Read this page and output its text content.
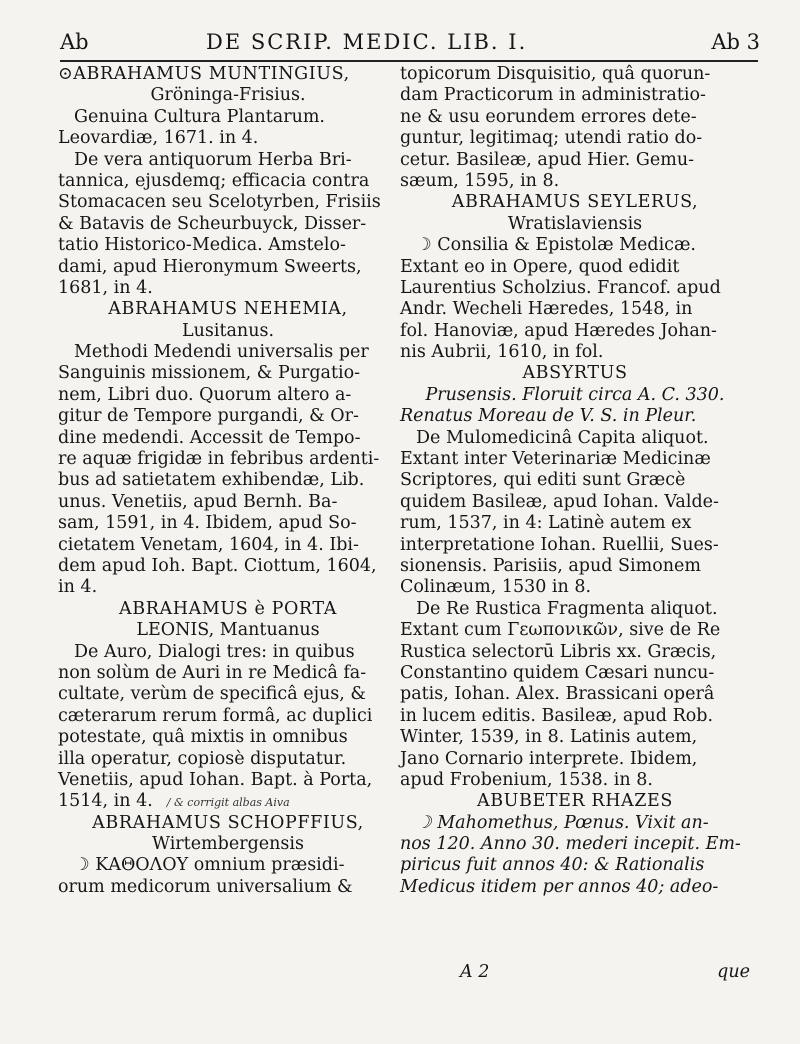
Ab	DE SCRIP. MEDIC. LIB. I.	Ab 3
⊙ABRAHAMUS MUNTINGIUS,
Gröninga-Frisius.
Genuina Cultura Plantarum.
Leovardiæ, 1671. in 4.
De vera antiquorum Herba Bri-
tannica, ejusdemq; efficacia contra
Stomacacen seu Scelotyrben, Frisiis
& Batavis de Scheurbuyck, Disser-
tatio Historico-Medica. Amstelo-
dami, apud Hieronymum Sweerts,
1681, in 4.
ABRAHAMUS NEHEMIA,
Lusitanus.
Methodi Medendi universalis per
Sanguinis missionem, & Purgatio-
nem, Libri duo. Quorum altero a-
gitur de Tempore purgandi, & Or-
dine medendi. Accessit de Tempo-
re aquæ frigidæ in febribus ardenti-
bus ad satietatem exhibendæ, Lib.
unus. Venetiis, apud Bernh. Ba-
sam, 1591, in 4. Ibidem, apud So-
cietatem Venetam, 1604, in 4. Ibi-
dem apud Ioh. Bapt. Ciottum, 1604,
in 4.
ABRAHAMUS è PORTA
LEONIS, Mantuanus
De Auro, Dialogi tres: in quibus
non solùm de Auri in re Medicâ fa-
cultate, verùm de specificâ ejus, &
cæterarum rerum formâ, ac duplici
potestate, quâ mixtis in omnibus
illa operatur, copiosè disputatur.
Venetiis, apud Iohan. Bapt. à Porta,
1514, in 4. / & corrigit albas Aiva
ABRAHAMUS SCHOPFFIUS,
Wirtembergensis
☽ ΚΑΘΟΛΟΥ omnium præsidi-
orum medicorum universalium &
topicorum Disquisitio, quâ quorun-
dam Practicorum in administratio-
ne & usu eorundem errores dete-
guntur, legitimaq; utendi ratio do-
cetur. Basileæ, apud Hier. Gemu-
sæum, 1595, in 8.
ABRAHAMUS SEYLERUS,
Wratislaviensis
☽ Consilia & Epistolæ Medicæ.
Extant eo in Opere, quod edidit
Laurentius Scholzius. Francof. apud
Andr. Wecheli Hæredes, 1548, in
fol. Hanoviæ, apud Hæredes Johan-
nis Aubrii, 1610, in fol.
ABSYRTUS
Prusensis. Floruit circa A. C. 330.
Renatus Moreau de V. S. in Pleur.
De Mulomedicinâ Capita aliquot.
Extant inter Veterinariæ Medicinæ
Scriptores, qui editi sunt Græcè
quidem Basileæ, apud Iohan. Valde-
rum, 1537, in 4: Latinè autem ex
interpretatione Iohan. Ruellii, Sues-
sionensis. Parisiis, apud Simonem
Colinæum, 1530 in 8.
De Re Rustica Fragmenta aliquot.
Extant cum Γεωπονικῶν, sive de Re
Rustica selectorū Libris xx. Græcis,
Constantino quidem Cæsari nuncu-
patis, Iohan. Alex. Brassicani operâ
in lucem editis. Basileæ, apud Rob.
Winter, 1539, in 8. Latinis autem,
Jano Cornario interprete. Ibidem,
apud Frobenium, 1538. in 8.
ABUBETER RHAZES
☽ Mahomethus, Pœnus. Vixit an-
nos 120. Anno 30. mederi incepit. Em-
piricus fuit annos 40: & Rationalis
Medicus itidem per annos 40; adeo-
A 2	que
